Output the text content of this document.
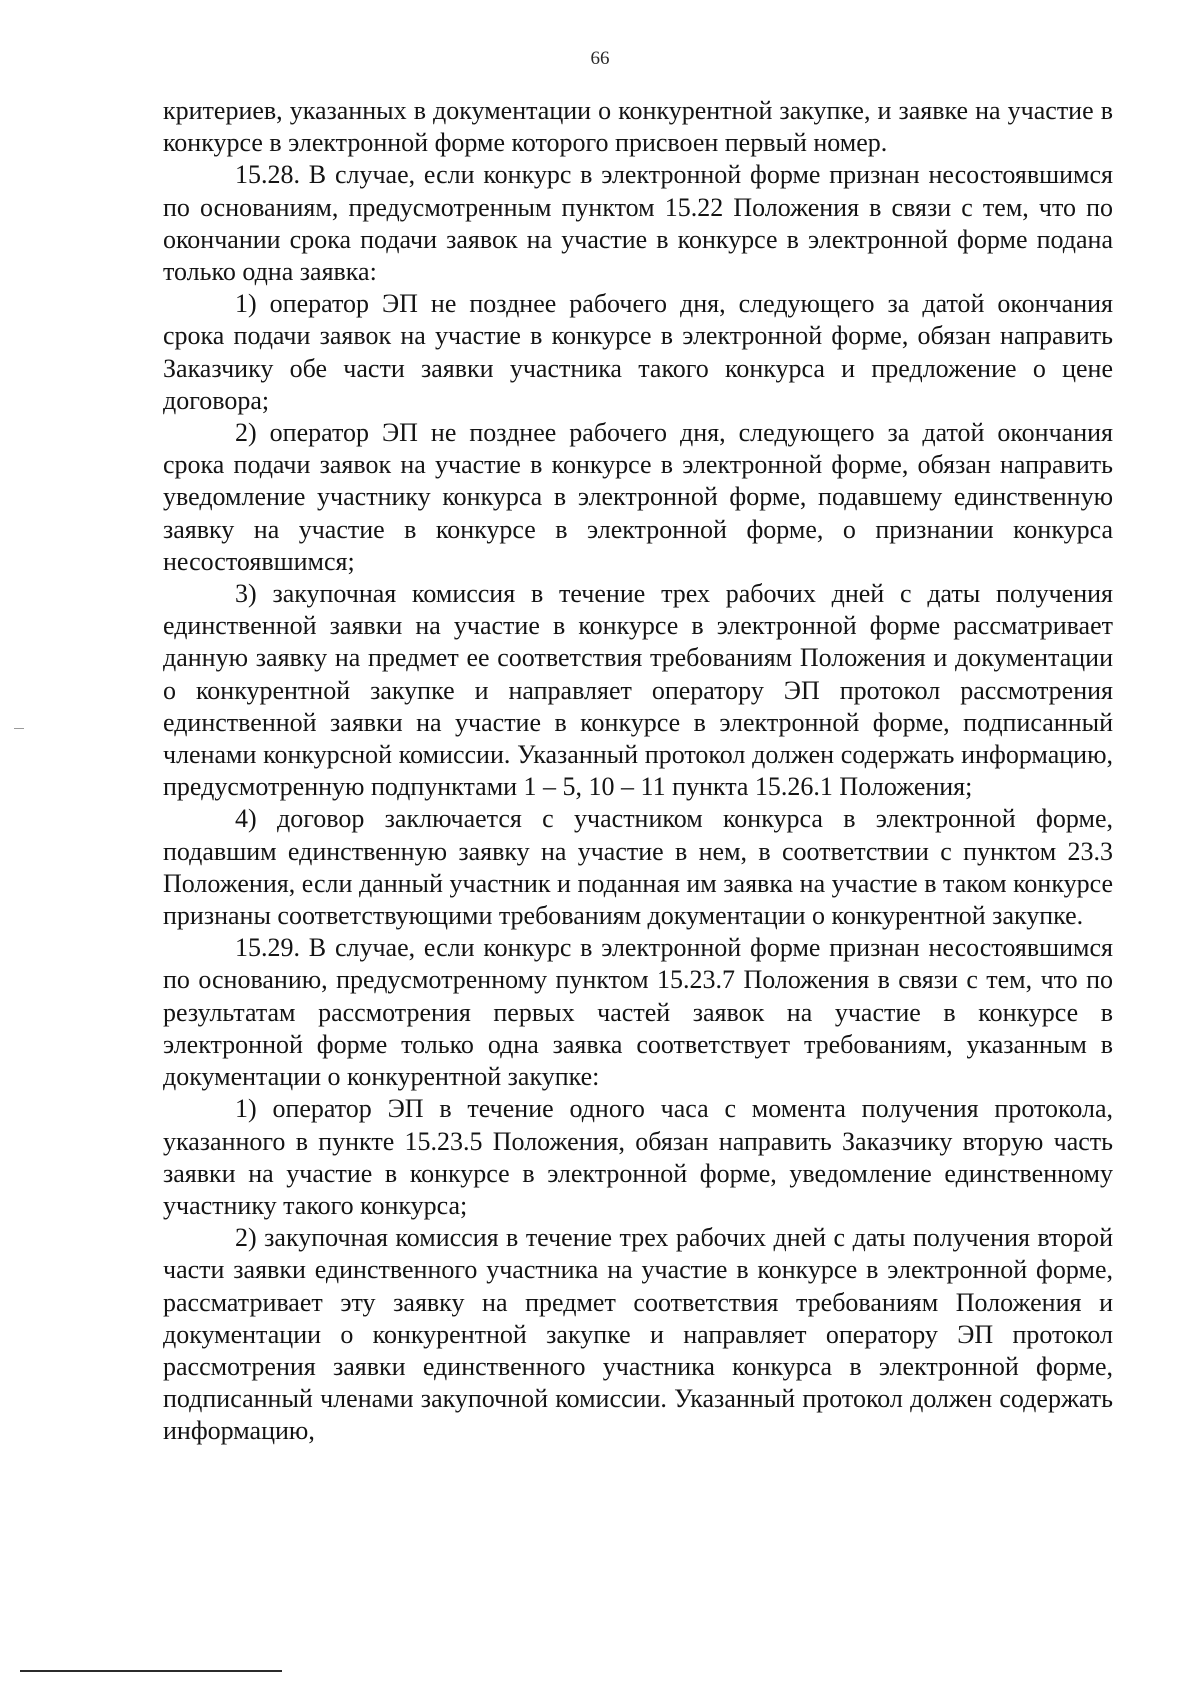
66

критериев, указанных в документации о конкурентной закупке, и заявке на участие в конкурсе в электронной форме которого присвоен первый номер.

15.28. В случае, если конкурс в электронной форме признан несостоявшимся по основаниям, предусмотренным пунктом 15.22 Положения в связи с тем, что по окончании срока подачи заявок на участие в конкурсе в электронной форме подана только одна заявка:

1) оператор ЭП не позднее рабочего дня, следующего за датой окончания срока подачи заявок на участие в конкурсе в электронной форме, обязан направить Заказчику обе части заявки участника такого конкурса и предложение о цене договора;

2) оператор ЭП не позднее рабочего дня, следующего за датой окончания срока подачи заявок на участие в конкурсе в электронной форме, обязан направить уведомление участнику конкурса в электронной форме, подавшему единственную заявку на участие в конкурсе в электронной форме, о признании конкурса несостоявшимся;

3) закупочная комиссия в течение трех рабочих дней с даты получения единственной заявки на участие в конкурсе в электронной форме рассматривает данную заявку на предмет ее соответствия требованиям Положения и документации о конкурентной закупке и направляет оператору ЭП протокол рассмотрения единственной заявки на участие в конкурсе в электронной форме, подписанный членами конкурсной комиссии. Указанный протокол должен содержать информацию, предусмотренную подпунктами 1 – 5, 10 – 11 пункта 15.26.1 Положения;

4) договор заключается с участником конкурса в электронной форме, подавшим единственную заявку на участие в нем, в соответствии с пунктом 23.3 Положения, если данный участник и поданная им заявка на участие в таком конкурсе признаны соответствующими требованиям документации о конкурентной закупке.

15.29. В случае, если конкурс в электронной форме признан несостоявшимся по основанию, предусмотренному пунктом 15.23.7 Положения в связи с тем, что по результатам рассмотрения первых частей заявок на участие в конкурсе в электронной форме только одна заявка соответствует требованиям, указанным в документации о конкурентной закупке:

1) оператор ЭП в течение одного часа с момента получения протокола, указанного в пункте 15.23.5 Положения, обязан направить Заказчику вторую часть заявки на участие в конкурсе в электронной форме, уведомление единственному участнику такого конкурса;

2) закупочная комиссия в течение трех рабочих дней с даты получения второй части заявки единственного участника на участие в конкурсе в электронной форме, рассматривает эту заявку на предмет соответствия требованиям Положения и документации о конкурентной закупке и направляет оператору ЭП протокол рассмотрения заявки единственного участника конкурса в электронной форме, подписанный членами закупочной комиссии. Указанный протокол должен содержать информацию,
